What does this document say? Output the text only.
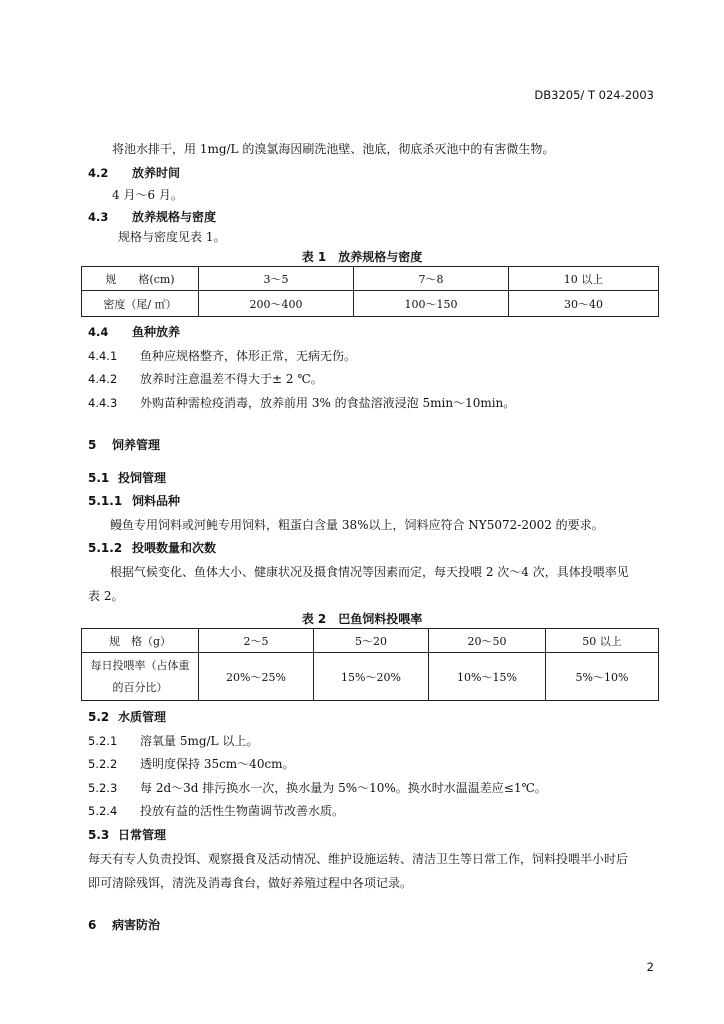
DB3205/ T 024-2003
将池水排干，用 1mg/L 的溴氯海因刷洗池壁、池底，彻底杀灭池中的有害微生物。
4.2 放养时间
4 月～6 月。
4.3 放养规格与密度
规格与密度见表 1。
表 1　放养规格与密度
规　　格(cm)	3～5	7～8	10 以上
密度（尾/ ㎡）	200～400	100～150	30～40
4.4 鱼种放养
4.4.1 鱼种应规格整齐，体形正常，无病无伤。
4.4.2 放养时注意温差不得大于± 2 ℃。
4.4.3 外购苗种需检疫消毒，放养前用 3% 的食盐溶液浸泡 5min～10min。
5 饲养管理
5.1 投饲管理
5.1.1 饲料品种
鳗鱼专用饲料或河鲀专用饲料，粗蛋白含量 38%以上，饲料应符合 NY5072-2002 的要求。
5.1.2 投喂数量和次数
根据气候变化、鱼体大小、健康状况及摄食情况等因素而定，每天投喂 2 次～4 次，具体投喂率见
表 2。
表 2　巴鱼饲料投喂率
规　格（g）	2～5	5～20	20～50	50 以上

每日投喂率（占体重
的百分比）	20%～25%	15%～20%	10%～15%	5%～10%
5.2 水质管理
5.2.1 溶氧量 5mg/L 以上。
5.2.2 透明度保持 35cm～40cm。
5.2.3 每 2d～3d 排污换水一次，换水量为 5%～10%。换水时水温温差应≤1℃。
5.2.4 投放有益的活性生物菌调节改善水质。
5.3 日常管理
每天有专人负责投饵、观察摄食及活动情况、维护设施运转、清洁卫生等日常工作，饲料投喂半小时后
即可清除残饵，清洗及消毒食台，做好养殖过程中各项记录。
6 病害防治
2
